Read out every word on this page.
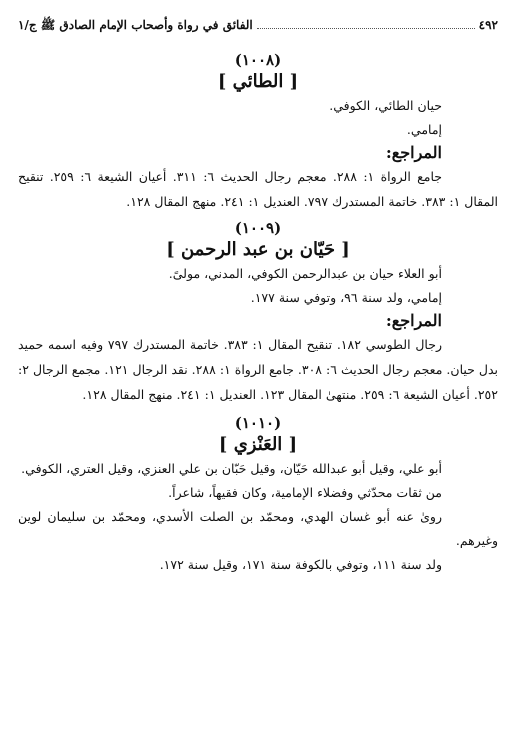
٤٩٢
الفائق في رواة وأصحاب الإمام الصادق ﷺ ج/١
(١٠٠٨)
[ الطائي ]
حيان الطائي، الكوفي.
إمامي.
المراجع:
جامع الرواة ١: ٢٨٨. معجم رجال الحديث ٦: ٣١١. أعيان الشيعة ٦: ٢٥٩. تنقيح المقال ١: ٣٨٣. خاتمة المستدرك ٧٩٧. العنديل ١: ٢٤١. منهج المقال ١٢٨.
(١٠٠٩)
[ حَيّان بن عبد الرحمن ]
أبو العلاء حيان بن عبدالرحمن الكوفي، المدني، مولىً.
إمامي، ولد سنة ٩٦، وتوفي سنة ١٧٧.
المراجع:
رجال الطوسي ١٨٢. تنقيح المقال ١: ٣٨٣. خاتمة المستدرك ٧٩٧ وفيه اسمه حميد بدل حيان. معجم رجال الحديث ٦: ٣٠٨. جامع الرواة ١: ٢٨٨. نقد الرجال ١٢١. مجمع الرجال ٢: ٢٥٢. أعيان الشيعة ٦: ٢٥٩. منتهىٰ المقال ١٢٣. العنديل ١: ٢٤١. منهج المقال ١٢٨.
(١٠١٠)
[ العَنْزي ]
أبو علي، وقيل أبو عبدالله حَيّان، وقيل حَبّان بن علي العنزي، وقيل العتري، الكوفي.
من ثقات محدّثي وفضلاء الإمامية، وكان فقيهاً، شاعراً.
روىٰ عنه أبو غسان الهدي، ومحمّد بن الصلت الأسدي، ومحمّد بن سليمان لوين وغيرهم.
ولد سنة ١١١، وتوفي بالكوفة سنة ١٧١، وقيل سنة ١٧٢.
